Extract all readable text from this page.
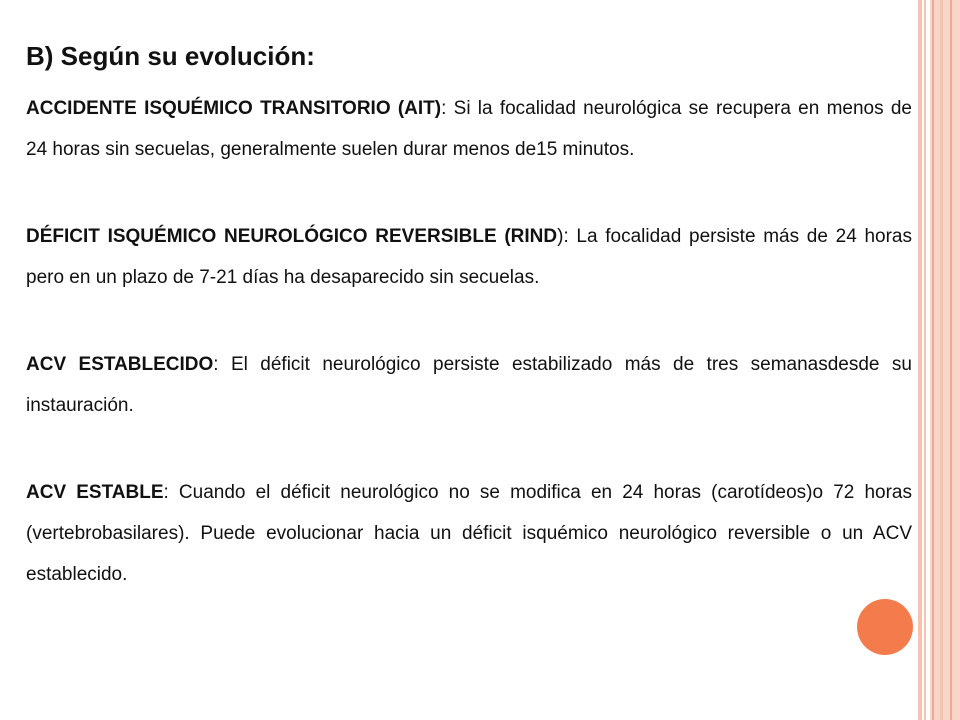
B) Según su evolución:

ACCIDENTE ISQUÉMICO TRANSITORIO (AIT): Si la focalidad neurológica se recupera en menos de 24 horas sin secuelas, generalmente suelen durar menos de15 minutos.

DÉFICIT ISQUÉMICO NEUROLÓGICO REVERSIBLE (RIND): La focalidad persiste más de 24 horas pero en un plazo de 7-21 días ha desaparecido sin secuelas.

ACV ESTABLECIDO: El déficit neurológico persiste estabilizado más de tres semanasdesde su instauración.

ACV ESTABLE: Cuando el déficit neurológico no se modifica en 24 horas (carotídeos)o 72 horas (vertebrobasilares). Puede evolucionar hacia un déficit isquémico neurológico reversible o un ACV establecido.
